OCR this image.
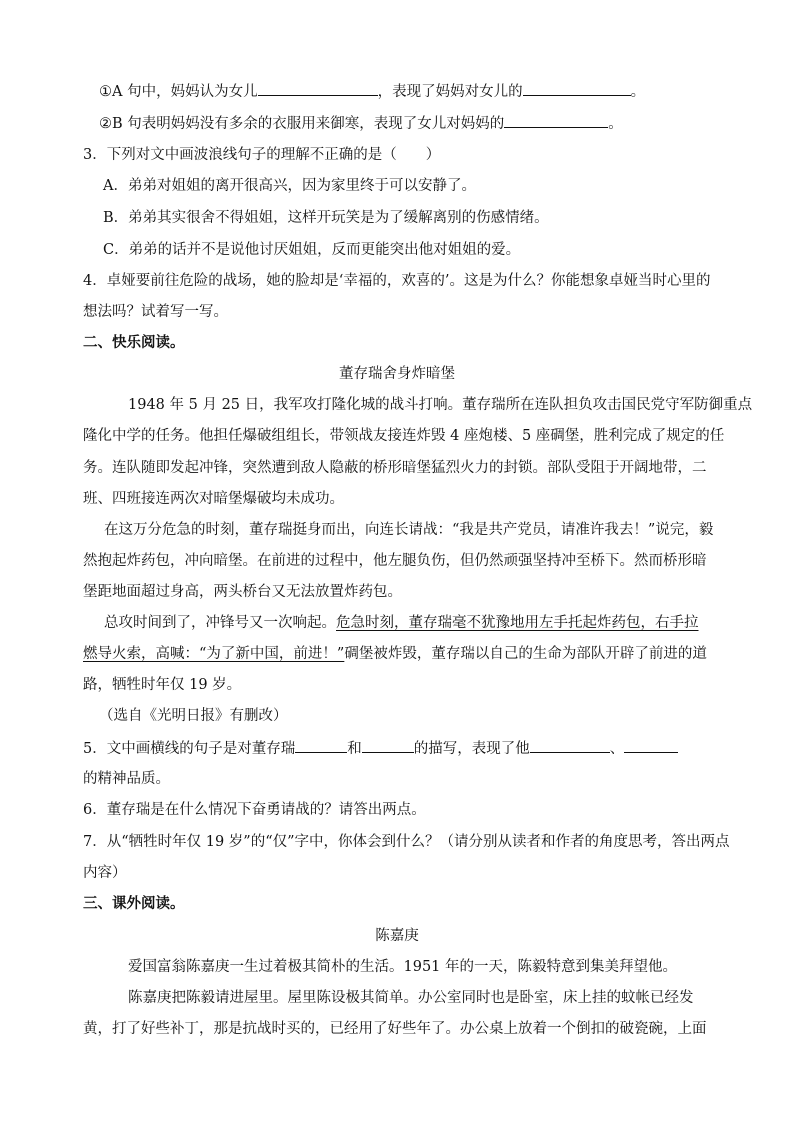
①A 句中，妈妈认为女儿	，表现了妈妈对女儿的	。
②B 句表明妈妈没有多余的衣服用来御寒，表现了女儿对妈妈的	。
3．下列对文中画波浪线句子的理解不正确的是（　　）
A．弟弟对姐姐的离开很高兴，因为家里终于可以安静了。
B．弟弟其实很舍不得姐姐，这样开玩笑是为了缓解离别的伤感情绪。
C．弟弟的话并不是说他讨厌姐姐，反而更能突出他对姐姐的爱。
4．卓娅要前往危险的战场，她的脸却是‘幸福的，欢喜的’。这是为什么？你能想象卓娅当时心里的
想法吗？试着写一写。
二、快乐阅读。
董存瑞舍身炸暗堡
1948 年 5 月 25 日，我军攻打隆化城的战斗打响。董存瑞所在连队担负攻击国民党守军防御重点
隆化中学的任务。他担任爆破组组长，带领战友接连炸毁 4 座炮楼、5 座碉堡，胜利完成了规定的任
务。连队随即发起冲锋，突然遭到敌人隐蔽的桥形暗堡猛烈火力的封锁。部队受阻于开阔地带，二
班、四班接连两次对暗堡爆破均未成功。
在这万分危急的时刻，董存瑞挺身而出，向连长请战：“我是共产党员，请准许我去！”说完，毅
然抱起炸药包，冲向暗堡。在前进的过程中，他左腿负伤，但仍然顽强坚持冲至桥下。然而桥形暗
堡距地面超过身高，两头桥台又无法放置炸药包。
总攻时间到了，冲锋号又一次响起。危急时刻，董存瑞毫不犹豫地用左手托起炸药包，右手拉
燃导火索，高喊：“为了新中国，前进！”碉堡被炸毁，董存瑞以自己的生命为部队开辟了前进的道
路，牺牲时年仅 19 岁。
（选自《光明日报》有删改）
5．文中画横线的句子是对董存瑞	和	的描写，表现了他	、
的精神品质。
6．董存瑞是在什么情况下奋勇请战的？请答出两点。
7．从“牺牲时年仅 19 岁”的“仅”字中，你体会到什么？（请分别从读者和作者的角度思考，答出两点
内容）
三、课外阅读。
陈嘉庚
爱国富翁陈嘉庚一生过着极其简朴的生活。1951 年的一天，陈毅特意到集美拜望他。
陈嘉庚把陈毅请进屋里。屋里陈设极其简单。办公室同时也是卧室，床上挂的蚊帐已经发
黄，打了好些补丁，那是抗战时买的，已经用了好些年了。办公桌上放着一个倒扣的破瓷碗，上面
